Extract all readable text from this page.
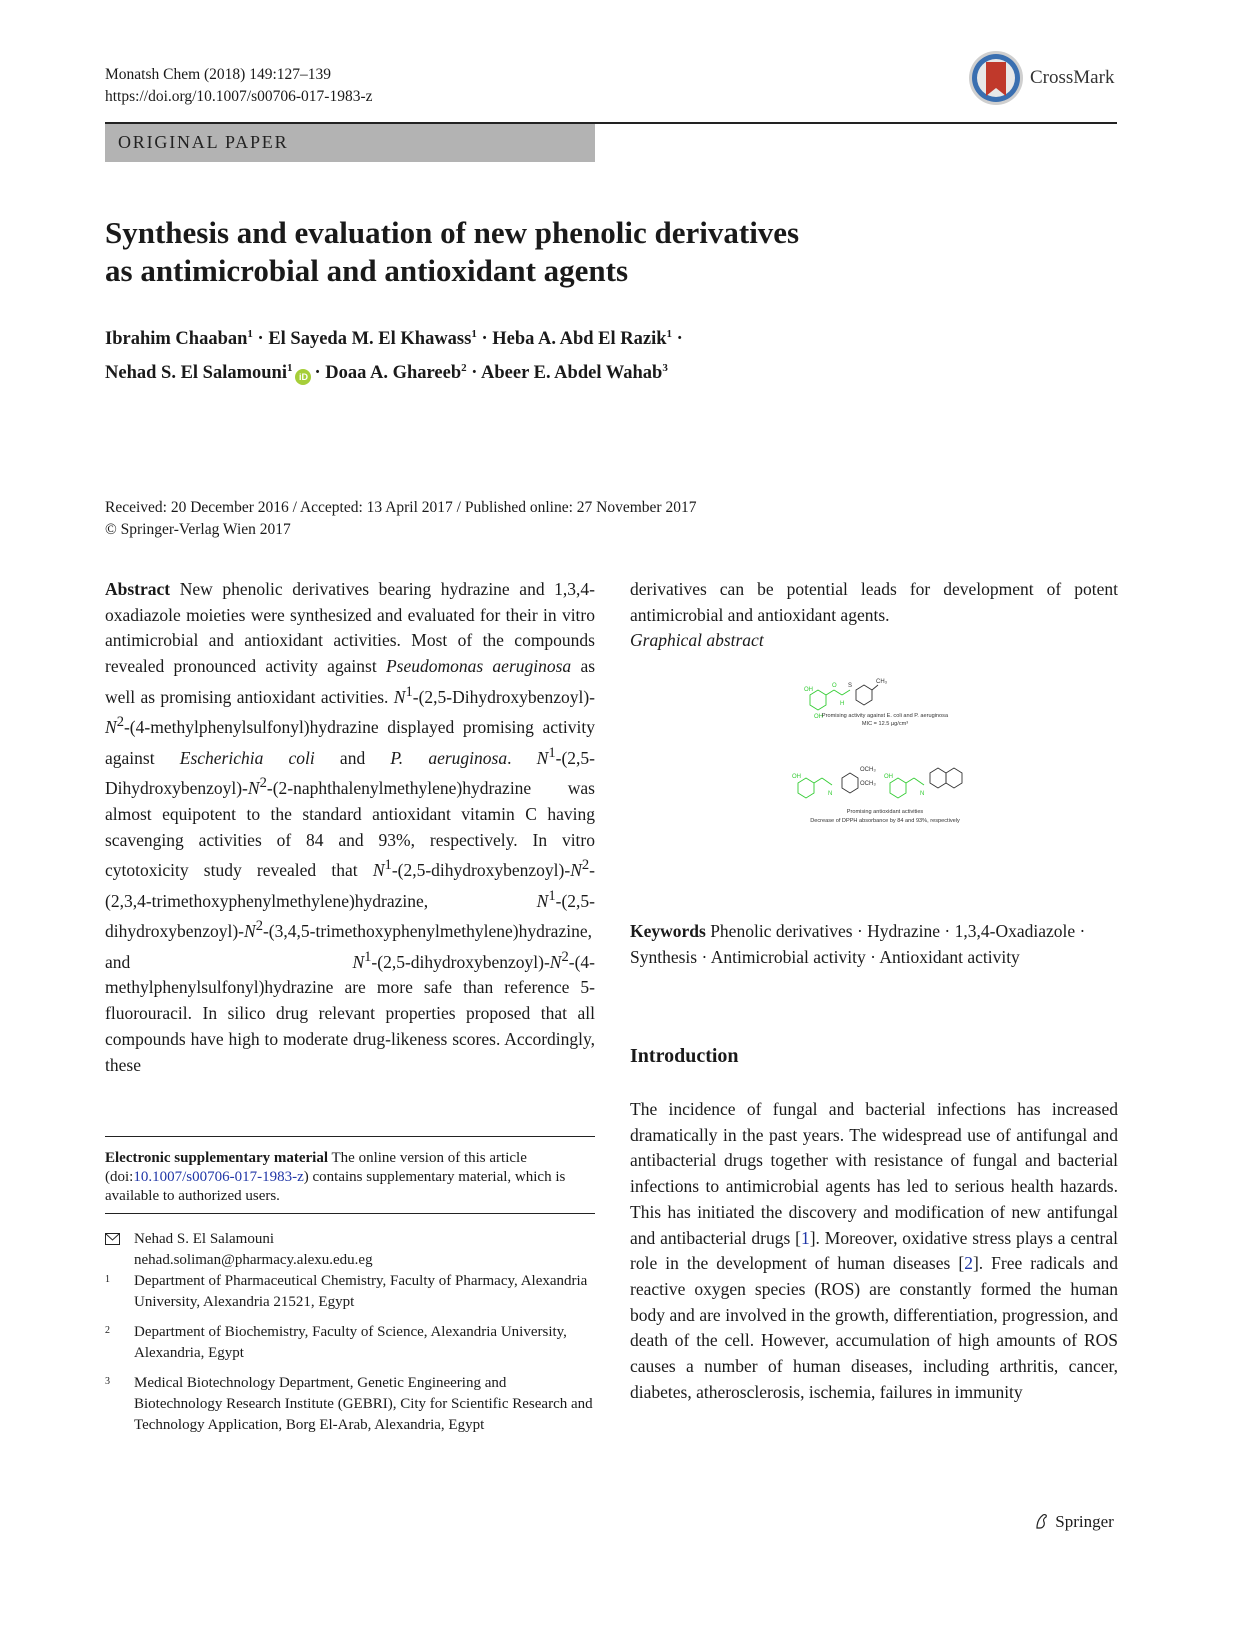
Monatsh Chem (2018) 149:127–139
https://doi.org/10.1007/s00706-017-1983-z
CrossMark
ORIGINAL PAPER
Synthesis and evaluation of new phenolic derivatives
as antimicrobial and antioxidant agents
Ibrahim Chaaban$^1$ · El Sayeda M. El Khawass$^1$ · Heba A. Abd El Razik$^1$ ·
Nehad S. El Salamouni$^1$iD · Doaa A. Ghareeb$^2$ · Abeer E. Abdel Wahab$^3$
Received: 20 December 2016 / Accepted: 13 April 2017 / Published online: 27 November 2017
© Springer-Verlag Wien 2017
Abstract New phenolic derivatives bearing hydrazine and 1,3,4-oxadiazole moieties were synthesized and evaluated for their in vitro antimicrobial and antioxidant activities. Most of the compounds revealed pronounced activity against Pseudomonas aeruginosa as well as promising antioxidant activities. $N^1-(2,5-Dihydroxybenzoyl)-N^2-(4-methylphenylsulfonyl)hydrazine$ displayed promising activity against Escherichia coli and P. aeruginosa. $N^1-(2,5-Dihydroxybenzoyl)-N^2-(2-naphthalenylmethylene)hydrazine$ was almost equipotent to the standard antioxidant vitamin C having scavenging activities of 84 and 93%, respectively. In vitro cytotoxicity study revealed that $N^1-(2,5-dihydroxybenzoyl)-N^2-(2,3,4-trimethoxyphenylmethylene)hydrazine$,	$N^1-(2,5-dihydroxybenzoyl)-N^2-(3,4,5-trimethoxyphenylmethylene)hydrazine$, and	$N^1-(2,5-dihydroxybenzoyl)-N^2-(4-methylphenylsulfonyl)hydrazine$ are more safe than reference 5-fluorouracil. In silico drug relevant properties proposed that all compounds have high to moderate drug-likeness scores. Accordingly, these
derivatives can be potential leads for development of potent antimicrobial and antioxidant agents.
Graphical abstract
OH
O
H
S
CH₃
OH
OH
N
OCH₃
OCH₃
OH
N
Promising activity against E. coli and P. aeruginosa
MIC = 12.5 µg/cm³
Promising antioxidant activities
Decrease of DPPH absorbance by 84 and 93%, respectively
Keywords Phenolic derivatives · Hydrazine · 1,3,4-Oxadiazole · Synthesis · Antimicrobial activity · Antioxidant activity
Introduction
The incidence of fungal and bacterial infections has increased dramatically in the past years. The widespread use of antifungal and antibacterial drugs together with resistance of fungal and bacterial infections to antimicrobial agents has led to serious health hazards. This has initiated the discovery and modification of new antifungal and antibacterial drugs [1]. Moreover, oxidative stress plays a central role in the development of human diseases [2]. Free radicals and reactive oxygen species (ROS) are constantly formed the human body and are involved in the growth, differentiation, progression, and death of the cell. However, accumulation of high amounts of ROS causes a number of human diseases, including arthritis, cancer, diabetes, atherosclerosis, ischemia, failures in immunity
Electronic supplementary material The online version of this article (doi:10.1007/s00706-017-1983-z) contains supplementary material, which is available to authorized users.
Nehad S. El Salamouni
nehad.soliman@pharmacy.alexu.edu.eg
1 Department of Pharmaceutical Chemistry, Faculty of Pharmacy, Alexandria University, Alexandria 21521, Egypt
2 Department of Biochemistry, Faculty of Science, Alexandria University, Alexandria, Egypt
3 Medical Biotechnology Department, Genetic Engineering and Biotechnology Research Institute (GEBRI), City for Scientific Research and Technology Application, Borg El-Arab, Alexandria, Egypt
Springer
